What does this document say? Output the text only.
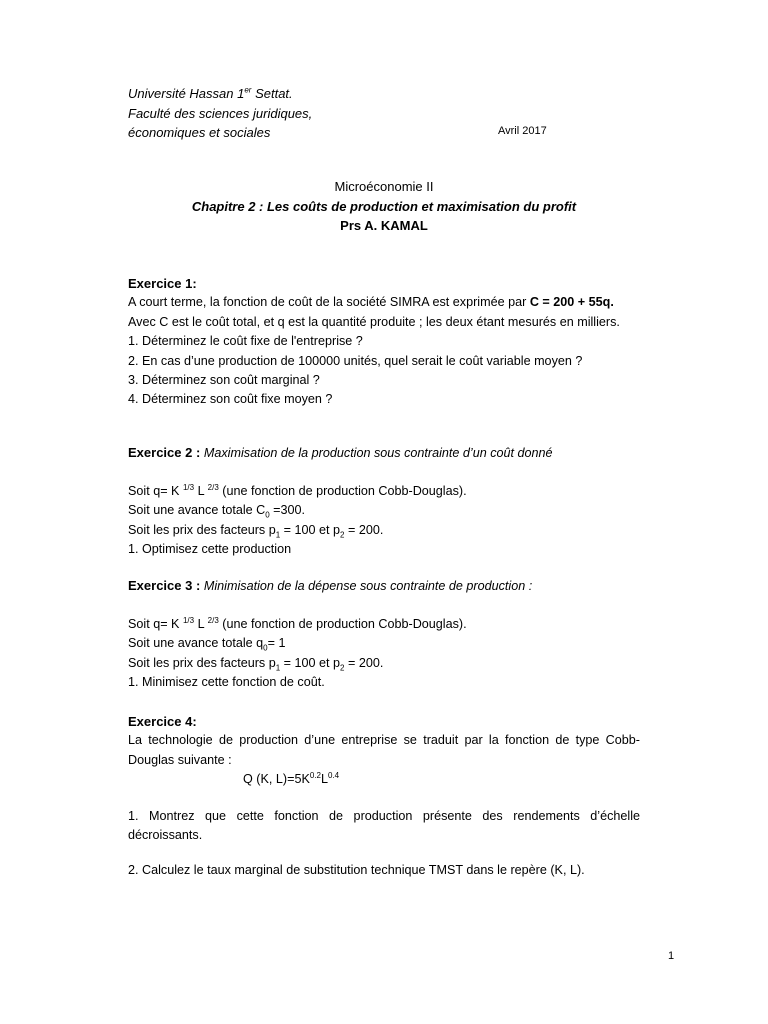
Université Hassan 1er Settat.
Faculté des sciences juridiques,
économiques et sociales	Avril 2017
Microéconomie II
Chapitre 2 : Les coûts de production et maximisation du profit
Prs A. KAMAL
Exercice 1:
A court terme, la fonction de coût de la société SIMRA est exprimée par C = 200 + 55q.
Avec C est le coût total, et q est la quantité produite ; les deux étant mesurés en milliers.
1. Déterminez le coût fixe de l'entreprise ?
2. En cas d’une production de 100000 unités, quel serait le coût variable moyen ?
3. Déterminez son coût marginal ?
4. Déterminez son coût fixe moyen ?
Exercice 2 : Maximisation de la production sous contrainte d’un coût donné
Soit q= K $^{1/3}$ L $^{2/3}$ (une fonction de production Cobb-Douglas).
Soit une avance totale $C_0 =300$.
Soit les prix des facteurs $p_1 = 100$ et $p_2 = 200$.
1. Optimisez cette production
Exercice 3 : Minimisation de la dépense sous contrainte de production :
Soit q= K $^{1/3}$ L $^{2/3}$ (une fonction de production Cobb-Douglas).
Soit une avance totale $q_0= 1$
Soit les prix des facteurs $p_1 = 100$ et $p_2 = 200$.
1. Minimisez cette fonction de coût.
Exercice 4:
La technologie de production d’une entreprise se traduit par la fonction de type Cobb-Douglas suivante :
Q (K, $L)=5K^{0.2}L^{0.4}$
1. Montrez que cette fonction de production présente des rendements d’échelle décroissants.
2. Calculez le taux marginal de substitution technique TMST dans le repère (K, L).
1
